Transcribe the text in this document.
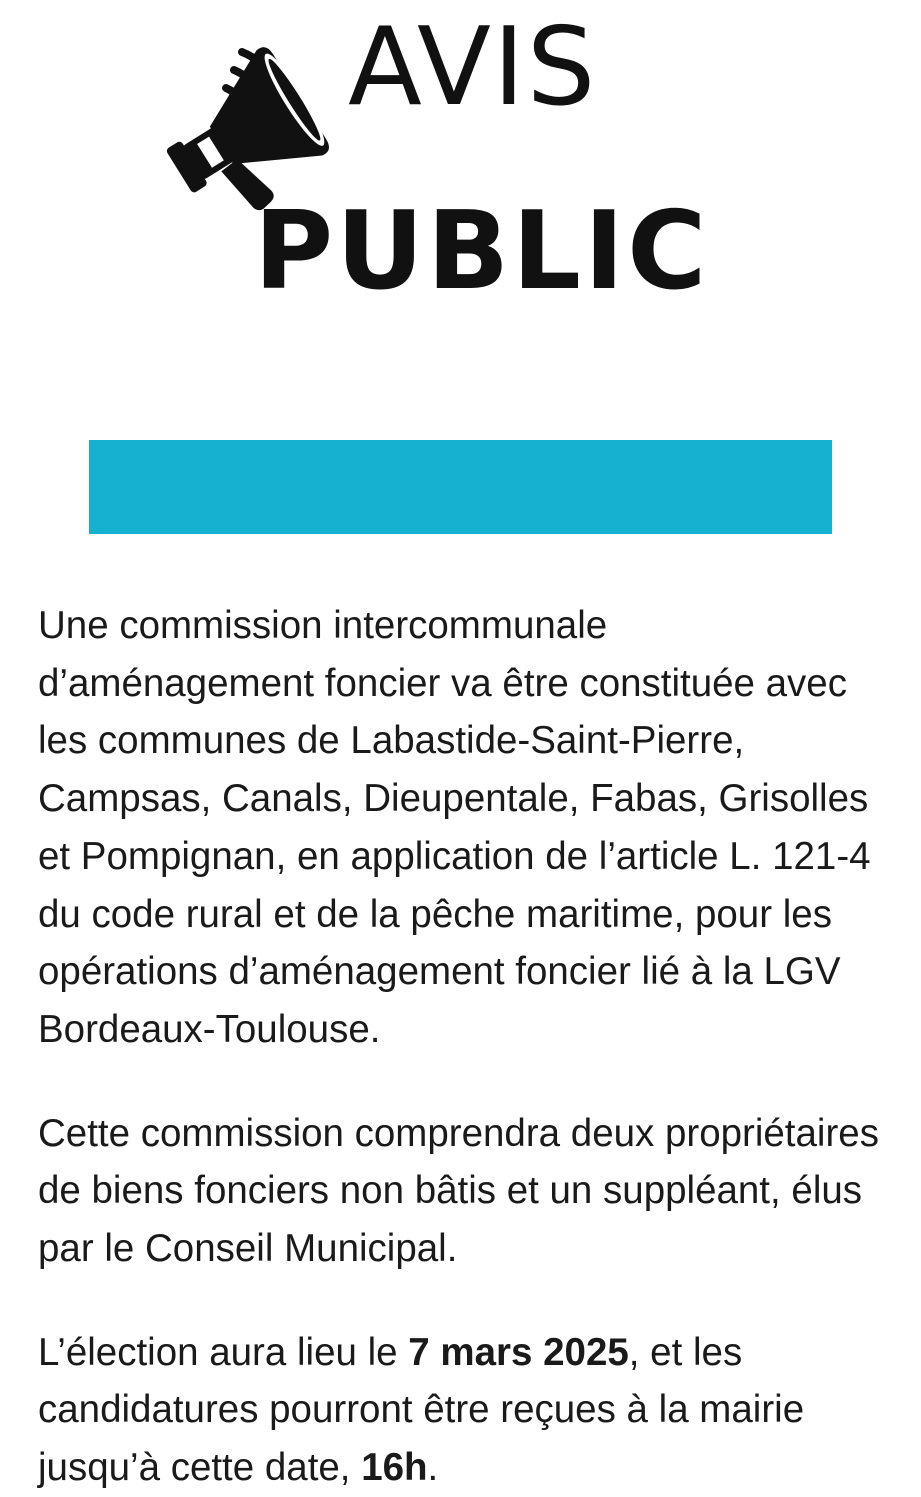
AVIS
PUBLIC

Une commission intercommunale d’aménagement foncier va être constituée avec les communes de Labastide-Saint-Pierre, Campsas, Canals, Dieupentale, Fabas, Grisolles et Pompignan, en application de l’article L. 121-4 du code rural et de la pêche maritime, pour les opérations d’aménagement foncier lié à la LGV Bordeaux-Toulouse.

Cette commission comprendra deux propriétaires de biens fonciers non bâtis et un suppléant, élus par le Conseil Municipal.

L’élection aura lieu le 7 mars 2025, et les candidatures pourront être reçues à la mairie jusqu’à cette date, 16h.
